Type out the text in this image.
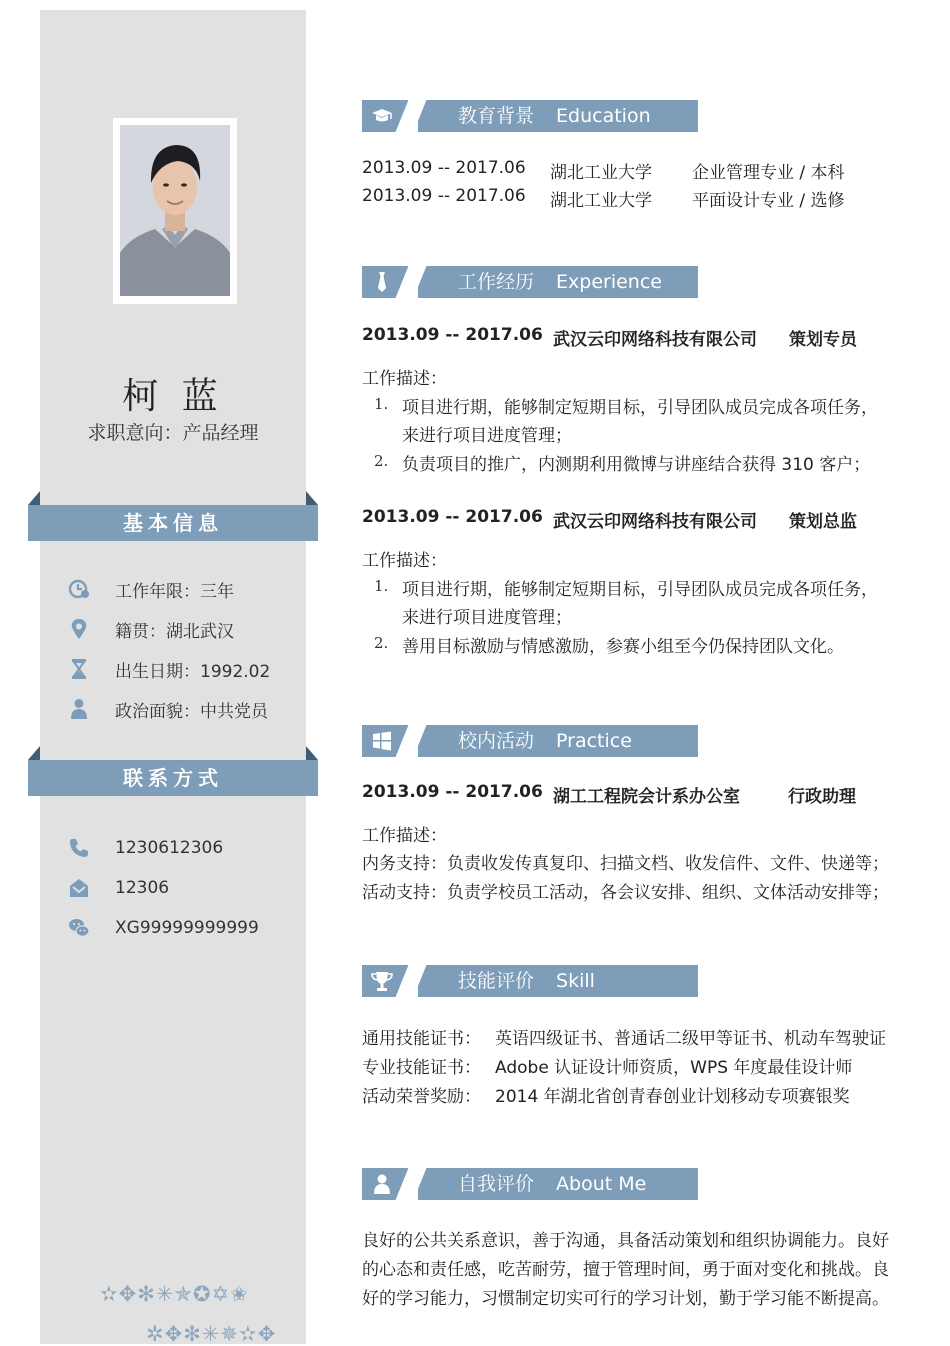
柯 蓝
求职意向：产品经理
基本信息
工作年限：三年
籍贯：湖北武汉
出生日期：1992.02
政治面貌：中共党员
联系方式
1230612306
12306
XG99999999999
✫✥✻✳✯✪✡✬
✲✥✻✳✵✫✥
教育背景 Education
2013.09 -- 2017.06 湖北工业大学 企业管理专业 / 本科
2013.09 -- 2017.06 湖北工业大学 平面设计专业 / 选修
工作经历 Experience
2013.09 -- 2017.06 武汉云印网络科技有限公司 策划专员
工作描述：
1. 项目进行期，能够制定短期目标，引导团队成员完成各项任务，
来进行项目进度管理；
2. 负责项目的推广，内测期利用微博与讲座结合获得 310 客户；
2013.09 -- 2017.06 武汉云印网络科技有限公司 策划总监
工作描述：
1. 项目进行期，能够制定短期目标，引导团队成员完成各项任务，
来进行项目进度管理；
2. 善用目标激励与情感激励，参赛小组至今仍保持团队文化。
校内活动 Practice
2013.09 -- 2017.06 湖工工程院会计系办公室	行政助理
工作描述：
内务支持：负责收发传真复印、扫描文档、收发信件、文件、快递等；
活动支持：负责学校员工活动，各会议安排、组织、文体活动安排等；
技能评价 Skill
通用技能证书： 英语四级证书、普通话二级甲等证书、机动车驾驶证
专业技能证书： Adobe 认证设计师资质，WPS 年度最佳设计师
活动荣誉奖励： 2014 年湖北省创青春创业计划移动专项赛银奖
自我评价 About Me
良好的公共关系意识，善于沟通，具备活动策划和组织协调能力。良好
的心态和责任感，吃苦耐劳，擅于管理时间，勇于面对变化和挑战。良
好的学习能力，习惯制定切实可行的学习计划，勤于学习能不断提高。
